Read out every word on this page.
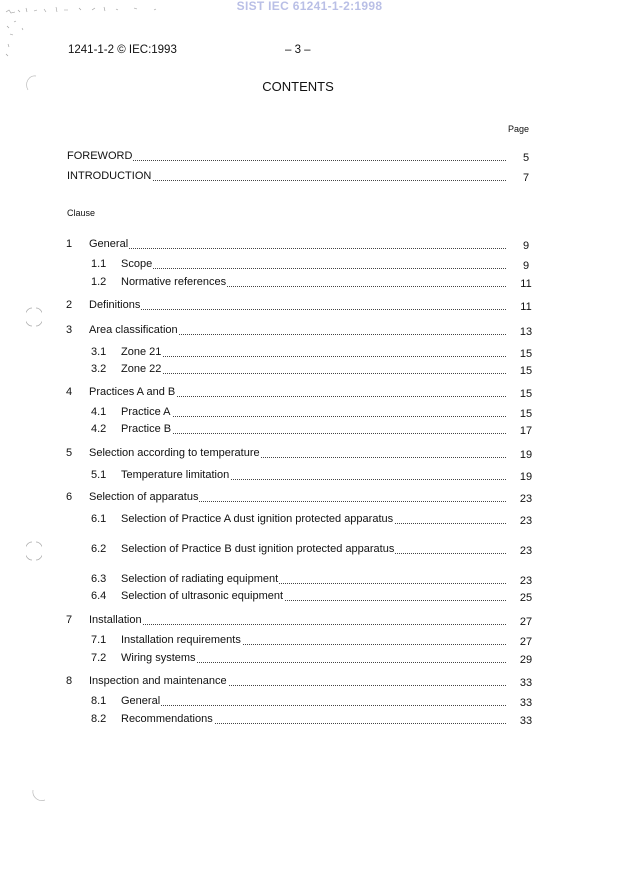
SIST IEC 61241-1-2:1998
1241-1-2 © IEC:1993	– 3 –
CONTENTS
Page
FOREWORD	5
INTRODUCTION	7
Clause
1 General	9
1.1 Scope	9
1.2 Normative references	11
2 Definitions	11
3 Area classification	13
3.1 Zone 21	15
3.2 Zone 22	15
4 Practices A and B	15
4.1 Practice A	15
4.2 Practice B	17
5 Selection according to temperature	19
5.1 Temperature limitation	19
6 Selection of apparatus	23
6.1 Selection of Practice A dust ignition protected apparatus	23
6.2 Selection of Practice B dust ignition protected apparatus	23
6.3 Selection of radiating equipment	23
6.4 Selection of ultrasonic equipment	25
7 Installation	27
7.1 Installation requirements	27
7.2 Wiring systems	29
8 Inspection and maintenance	33
8.1 General	33
8.2 Recommendations	33
